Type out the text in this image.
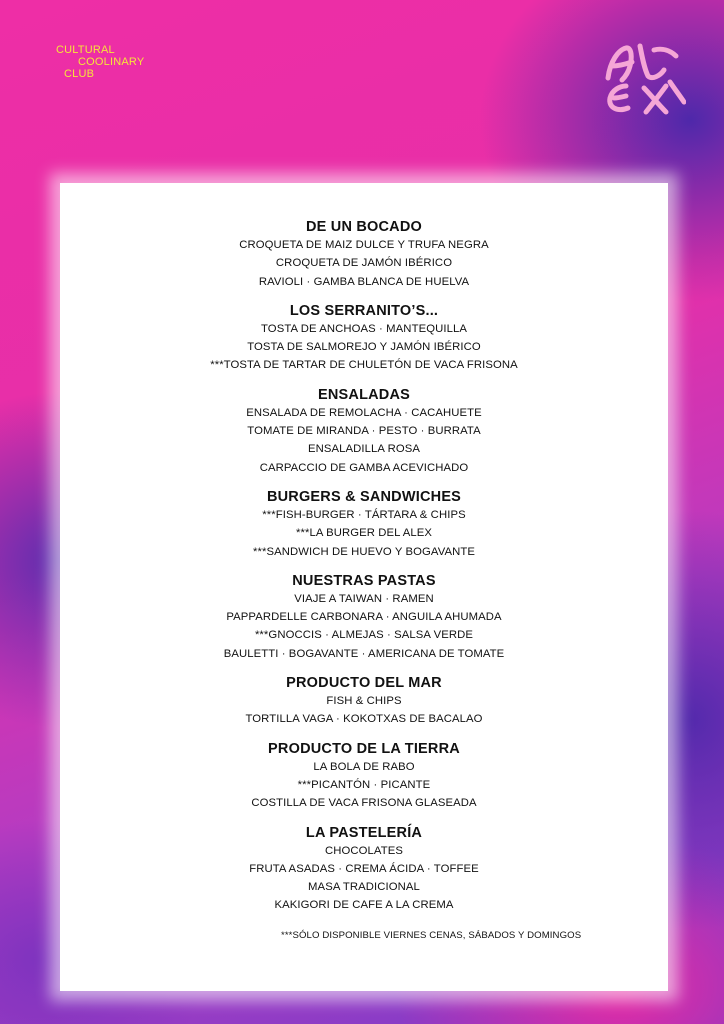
CULTURAL
COOLINARY
CLUB
DE UN BOCADO
CROQUETA DE MAIZ DULCE Y TRUFA NEGRA
CROQUETA DE JAMÓN IBÉRICO
RAVIOLI · GAMBA BLANCA DE HUELVA
LOS SERRANITO’S...
TOSTA DE ANCHOAS · MANTEQUILLA
TOSTA DE SALMOREJO Y JAMÓN IBÉRICO
***TOSTA DE TARTAR DE CHULETÓN DE VACA FRISONA
ENSALADAS
ENSALADA DE REMOLACHA · CACAHUETE
TOMATE DE MIRANDA · PESTO · BURRATA
ENSALADILLA ROSA
CARPACCIO DE GAMBA ACEVICHADO
BURGERS & SANDWICHES
***FISH-BURGER · TÁRTARA & CHIPS
***LA BURGER DEL ALEX
***SANDWICH DE HUEVO Y BOGAVANTE
NUESTRAS PASTAS
VIAJE A TAIWAN · RAMEN
PAPPARDELLE CARBONARA · ANGUILA AHUMADA
***GNOCCIS · ALMEJAS · SALSA VERDE
BAULETTI · BOGAVANTE · AMERICANA DE TOMATE
PRODUCTO DEL MAR
FISH & CHIPS
TORTILLA VAGA · KOKOTXAS DE BACALAO
PRODUCTO DE LA TIERRA
LA BOLA DE RABO
***PICANTÓN · PICANTE
COSTILLA DE VACA FRISONA GLASEADA
LA PASTELERÍA
CHOCOLATES
FRUTA ASADAS · CREMA ÁCIDA · TOFFEE
MASA TRADICIONAL
KAKIGORI DE CAFE A LA CREMA
***SÓLO DISPONIBLE VIERNES CENAS, SÁBADOS Y DOMINGOS
